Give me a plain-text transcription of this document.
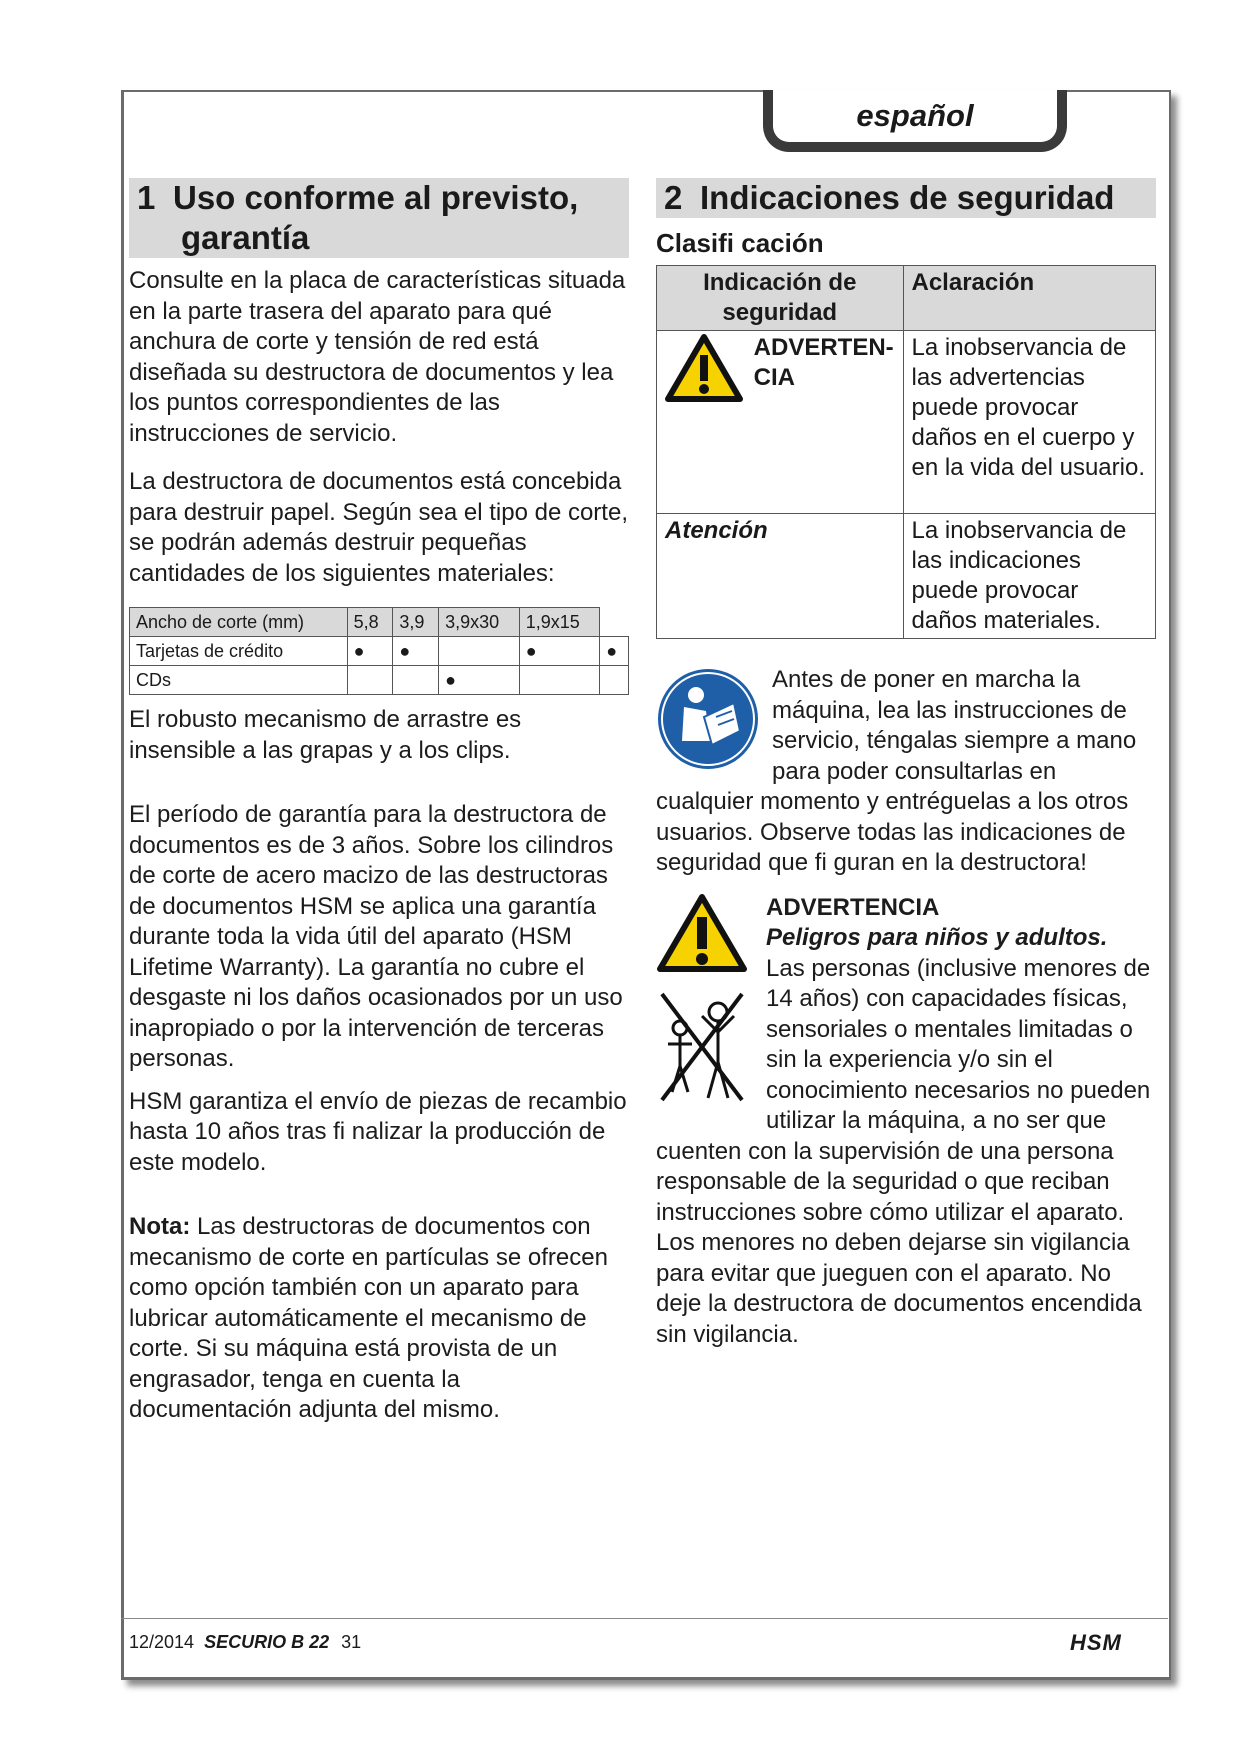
español
1 Uso conforme al previsto,
garantía

Consulte en la placa de características situada en la parte trasera del aparato para qué anchura de corte y tensión de red está diseñada su destructora de documentos y lea los puntos correspondientes de las instrucciones de servicio.

La destructora de documentos está concebida para destruir papel. Según sea el tipo de corte, se podrán además destruir pequeñas cantidades de los siguientes materiales:

Ancho de corte (mm)	5,8	3,9	3,9x30	1,9x15	
Tarjetas de crédito	●	●		●	●
CDs			●		

El robusto mecanismo de arrastre es insensible a las grapas y a los clips.

El período de garantía para la destructora de documentos es de 3 años. Sobre los cilindros de corte de acero macizo de las destructoras de documentos HSM se aplica una garantía durante toda la vida útil del aparato (HSM Lifetime Warranty). La garantía no cubre el desgaste ni los daños ocasionados por un uso inapropiado o por la intervención de terceras personas.

HSM garantiza el envío de piezas de recambio hasta 10 años tras fi nalizar la producción de este modelo.

Nota: Las destructoras de documentos con mecanismo de corte en partículas se ofrecen como opción también con un aparato para lubricar automáticamente el mecanismo de corte. Si su máquina está provista de un engrasador, tenga en cuenta la documentación adjunta del mismo.

2 Indicaciones de seguridad
Clasifi cación
Indicación de seguridad	Aclaración
ADVERTEN-CIA	La inobservancia de las advertencias puede provocar daños en el cuerpo y en la vida del usuario.
Atención	La inobservancia de las indicaciones puede provocar daños materiales.

Antes de poner en marcha la máquina, lea las instrucciones de servicio, téngalas siempre a mano para poder consultarlas en cualquier momento y entréguelas a los otros usuarios. Observe todas las indicaciones de seguridad que fi guran en la destructora!

ADVERTENCIA
Peligros para niños y adultos.

Las personas (inclusive menores de 14 años) con capacidades físicas, sensoriales o mentales limitadas o sin la experiencia y/o sin el conocimiento necesarios no pueden utilizar la máquina, a no ser que cuenten con la supervisión de una persona responsable de la seguridad o que reciban instrucciones sobre cómo utilizar el aparato. Los menores no deben dejarse sin vigilancia para evitar que jueguen con el aparato. No deje la destructora de documentos encendida sin vigilancia.

12/2014 SECURIO B 22 31	HSM
